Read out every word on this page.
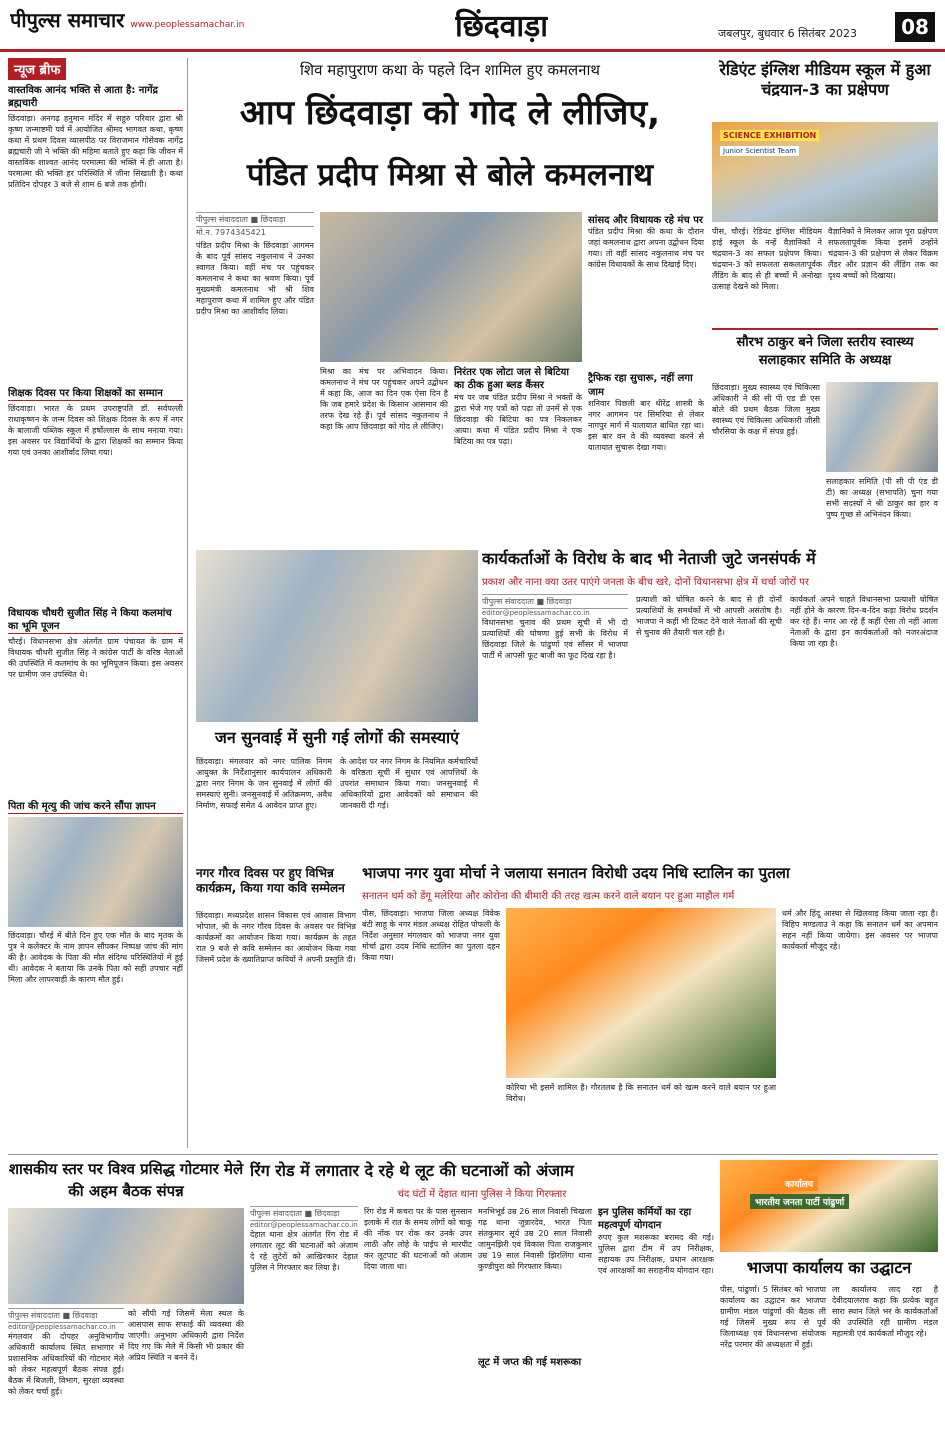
पीपुल्स समाचार www.peoplessamachar.in	छिंदवाड़ा	जबलपुर, बुधवार 6 सितंबर 2023	08
न्यूज ब्रीफ
वास्तविक आनंद भक्ति से आता है: नागेंद्र ब्रह्मचारी
छिंदवाड़ा। अनगढ़ हनुमान मंदिर में सहुरु परिवार द्वारा श्री कृष्ण जन्माष्टमी पर्व में आयोजित श्रीमद भागवत कथा, कृष्ण कथा में प्रथम दिवस व्यासपीठ पर विराजमान गोसेवक नागेंद्र ब्रह्मचारी जी ने भक्ति की महिमा बताते हुए कहा कि जीवन में वास्तविक शाश्वत आनंद परमात्मा की भक्ति में ही आता है। परमात्मा की भक्ति हर परिस्थिति में जीना सिखाती है। कथा प्रतिदिन दोपहर 3 बजे से शाम 6 बजे तक होगी।
शिक्षक दिवस पर किया शिक्षकों का सम्मान
छिंदवाड़ा। भारत के प्रथम उपराष्ट्रपति डॉ. सर्वपल्ली राधाकृष्णन के जन्म दिवस को शिक्षक दिवस के रूप में नगर के बालाजी पब्लिक स्कूल में हर्षोल्लास के साथ मनाया गया। इस अवसर पर विद्यार्थियों के द्वारा शिक्षकों का सम्मान किया गया एवं उनका आशीर्वाद लिया गया।
विधायक चौधरी सुजीत सिंह ने किया कलमांच का भूमि पूजन
चौरई। विधानसभा क्षेत्र अंतर्गत ग्राम पंचायत के ग्राम में विधायक चौधरी सुजीत सिंह ने कांग्रेस पार्टी के वरिष्ठ नेताओं की उपस्थिति में कलमांच के का भूमिपूजन किया। इस अवसर पर ग्रामीण जन उपस्थित थे।
पिता की मृत्यु की जांच करने सौंपा ज्ञापन
छिंदवाड़ा। चौरई में बीते दिन हुए एक मौत के बाद मृतक के पुत्र ने कलेक्टर के नाम ज्ञापन सौंपकर निष्पक्ष जांच की मांग की है। आवेदक के पिता की मौत संदिग्ध परिस्थितियों में हुई थी। आवेदक ने बताया कि उनके पिता को सही उपचार नहीं मिला और लापरवाही के कारण मौत हुई।
शिव महापुराण कथा के पहले दिन शामिल हुए कमलनाथ
आप छिंदवाड़ा को गोद ले लीजिए,
पंडित प्रदीप मिश्रा से बोले कमलनाथ
पीपुल्स संवाददाता ■ छिंदवाड़ा
मो.न. 7974345421
पंडित प्रदीप मिश्रा के छिंदवाड़ा आगमन के बाद पूर्व सांसद नकुलनाथ ने उनका स्वागत किया। वहीं मंच पर पहुंचकर कमलनाथ ने कथा का श्रवण किया। पूर्व मुख्यमंत्री कमलनाथ भी श्री शिव महापुराण कथा में शामिल हुए और पंडित प्रदीप मिश्रा का आशीर्वाद लिया।
मिश्रा का मंच पर अभिवादन किया। कमलनाथ ने मंच पर पहुंचकर अपने उद्बोधन में कहा कि, आज का दिन एक ऐसा दिन है कि जब हमारे प्रदेश के किसान आसमान की तरफ देख रहे हैं। पूर्व सांसद नकुलनाथ ने कहा कि आप छिंदवाड़ा को गोद ले लीजिए।
निरंतर एक लोटा जल से बिटिया का ठीक हुआ ब्लड कैंसर
मंच पर जब पंडित प्रदीप मिश्रा ने भक्तों के द्वारा भेजे गए पत्रों को पढ़ा तो उनमें से एक छिंदवाड़ा की बिटिया का पत्र निकलकर आया। कथा में पंडित प्रदीप मिश्रा ने एक बिटिया का पत्र पढ़ा।
सांसद और विधायक रहे मंच पर
पंडित प्रदीप मिश्रा की कथा के दौरान जहां कमलनाथ द्वारा अपना उद्बोधन दिया गया। तो वहीं सांसद नकुलनाथ मंच पर कांग्रेस विधायकों के साथ दिखाई दिए।
ट्रैफिक रहा सुचारू, नहीं लगा जाम
शनिवार पिछली बार धीरेंद्र शास्त्री के नगर आगमन पर सिमरिया से लेकर नागपुर मार्ग में यातायात बाधित रहा था। इस बार वन वे की व्यवस्था करने से यातायात सुचारू देखा गया।
रेडिएंट इंग्लिश मीडियम स्कूल में हुआ चंद्रयान-3 का प्रक्षेपण
SCIENCE EXHIBITION
Junior Scientist Team
पीस, चौरई। रेडियंट इंग्लिश मीडियम हाई स्कूल के नन्हें वैज्ञानिकों ने चंद्रयान-3 का सफल प्रक्षेपण किया। चंद्रयान-3 को सफलता सकलतापूर्वक लैंडिंग के बाद से ही बच्चों में अनोखा उत्साह देखने को मिला।
वैज्ञानिकों ने मिलकर आज पूरा प्रक्षेपण सफलतापूर्वक किया इसमें उन्होंने चंद्रयान-3 की प्रक्षेपण से लेकर विक्रम लैंडर और प्रज्ञान की लैंडिंग तक का दृश्य बच्चों को दिखाया।
सौरभ ठाकुर बने जिला स्तरीय स्वास्थ्य सलाहकार समिति के अध्यक्ष
छिंदवाड़ा। मुख्य स्वास्थ्य एवं चिकित्सा अधिकारी ने की सी पी एड डी एस बोले की प्रथम बैठक जिला मुख्य स्वास्थ्य एवं चिकित्सा अधिकारी जीसी चौरसिया के कक्ष में संपन्न हुई।
सलाहकार समिति (पी सी पी एंड डी टी) का अध्यक्ष (सभापति) चुना गया सभी सदस्यों ने श्री ठाकुर का हार व पुष्प गुच्छ से अभिनंदन किया।
जन सुनवाई में सुनी गई लोगों की समस्याएं
छिंदवाड़ा। मंगलवार को नगर पालिक निगम आयुक्त के निर्देशानुसार कार्यपालन अधिकारी द्वारा नगर निगम के जन सुनवाई में लोगों की समस्याएं सुनी। जनसुनवाई में अतिक्रमण, अवैध निर्माण, सफाई समेत 4 आवेदन प्राप्त हुए।
के आदेश पर नगर निगम के नियमित कर्मचारियों के वरिष्ठता सूची में सुधार एवं आपत्तियों के उपरांत समाधान किया गया। जनसुनवाई में अधिकारियों द्वारा आवेदकों को समाधान की जानकारी दी गई।
कार्यकर्ताओं के विरोध के बाद भी नेताजी जुटे जनसंपर्क में
प्रकाश और नाना क्या उतर पाएंगे जनता के बीच खरे, दोनों विधानसभा क्षेत्र में चर्चा जोरों पर
पीपुल्स संवाददाता ■ छिंदवाड़ा
editor@peoplessamachar.co.in
विधानसभा चुनाव की प्रथम सूची में भी दो प्रत्याशियों की घोषणा हुई सभी के विरोध में छिंदवाड़ा जिले के पांढुर्णा एवं सौंसर में भाजपा पार्टी में आपसी फूट बाजी का फूट दिख रहा है।
प्रत्याशी को घोषित करने के बाद से ही दोनों प्रत्याशियों के समर्थकों में भी आपसी असंतोष है। भाजपा ने कहीं भी टिकट देने वाले नेताओं की सूची से चुनाव की तैयारी चल रही है।
कार्यकर्ता अपने चाहते विधानसभा प्रत्याशी घोषित नहीं होने के कारण दिन-ब-दिन कड़ा विरोध प्रदर्शन कर रहे हैं। नगर आ रहे हैं कहीं ऐसा तो नहीं आला नेताओं के द्वारा इन कार्यकर्ताओं को नजरअंदाज किया जा रहा है।
नगर गौरव दिवस पर हुए विभिन्न कार्यक्रम, किया गया कवि सम्मेलन
छिंदवाड़ा। मध्यप्रदेश शासन विकास एवं आवास विभाग भोपाल, श्री के नगर गौरव दिवस के अवसर पर विभिन्न कार्यक्रमों का आयोजन किया गया। कार्यक्रम के तहत रात 9 बजे से कवि सम्मेलन का आयोजन किया गया जिसमें प्रदेश के ख्यातिप्राप्त कवियों ने अपनी प्रस्तुति दी।
भाजपा नगर युवा मोर्चा ने जलाया सनातन विरोधी उदय निधि स्टालिन का पुतला
सनातन धर्म को डेंगू मलेरिया और कोरोना की बीमारी की तरह खत्म करने वाले बयान पर हुआ माहौल गर्म
पीस, छिंदवाड़ा। भाजपा जिला अध्यक्ष विवेक बंटी साहू के नगर मंडल अध्यक्ष रोहित पोफली के निर्देश अनुसार मंगलवार को भाजपा नगर युवा मोर्चा द्वारा उदय निधि स्टालिन का पुतला दहन किया गया।
कोरिया भी इसमें शामिल है। गौरतलब है कि सनातन धर्म को खत्म करने वाले बयान पर हुआ विरोध।
धर्म और हिंदू आस्था से खिलवाड़ किया जाता रहा है। विहिप मण्डलाउ ने कहा कि सनातन धर्म का अपमान सहन नहीं किया जायेगा। इस अवसर पर भाजपा कार्यकर्ता मौजूद रहे।
शासकीय स्तर पर विश्व प्रसिद्ध गोटमार मेले की अहम बैठक संपन्न
पीपुल्स संवाददाता ■ छिंदवाड़ा
editor@peoplessamachar.co.in
मंगलवार की दोपहर अनुविभागीय अधिकारी कार्यालय स्थित सभागार में प्रशासनिक अधिकारियों की गोटमार मेले को लेकर महत्वपूर्ण बैठक संपन्न हुई। बैठक में बिजली, विभाग, सुरक्षा व्यवस्था को लेकर चर्चा हुई।
को सौंपी गई जिसमें मेला स्थल के आसपास साफ सफाई की व्यवस्था की जाएगी। अनुभाग अधिकारी द्वारा निर्देश दिए गए कि मेले में किसी भी प्रकार की अप्रिय स्थिति न बनने दें।
रिंग रोड में लगातार दे रहे थे लूट की घटनाओं को अंजाम
चंद घंटों में देहात थाना पुलिस ने किया गिरफ्तार
पीपुल्स संवाददाता ■ छिंदवाड़ा
editor@peoplessamachar.co.in
देहात थाना क्षेत्र अंतर्गत रिंग रोड में लगातार लूट की घटनाओं को अंजाम दे रहे लुटेरों को आखिरकार देहात पुलिस ने गिरफ्तार कर लिया है।
रिंग रोड में कचरा पर के पास सुनसान इलाके में रात के समय लोगों को चाकू की नोंक पर रोक कर उनके उपर लाठी और लोहे के पाईप से मारपीट कर लूटपाट की घटनाओं को अंजाम दिया जाता था।
मनभिभूर्ड उम्र 26 साल निवासी चिखला गढ़ थाना जुन्नारदेव, भारत पिता संतकुमार सूर्य उम्र 20 साल निवासी जामुनझिरी एवं विकास पिता राजकुमार उम्र 19 साल निवासी झिरलिंगा थाना कुण्डीपुरा को गिरफ्तार किया।
लूट में जप्त की गई मशरूका
इन पुलिस कर्मियों का रहा महत्वपूर्ण योगदान
रुपए कुल मशरूका बरामद की गई। पुलिस द्वारा टीम में उप निरीक्षक, सहायक उप निरीक्षक, प्रधान आरक्षक एवं आरक्षकों का सराहनीय योगदान रहा।
कार्यालय
भारतीय जनता पार्टी पांढुर्णा
भाजपा कार्यालय का उद्घाटन
पीस, पांढुर्णा। 5 सितंबर को भाजपा कार्यालय का उद्घाटन कर भाजपा ग्रामीण मंडल पांढुर्णा की बैठक ली गई जिसमें मुख्य रूप से पूर्व जिलाध्यक्ष एवं विधानसभा संयोजक नरेंद्र परमार की अध्यक्षता में हुई।
ला कार्यालय लाद रहा है देवीदयालराव कहा कि प्रत्येक बहुत सारा स्थान जिले भर के कार्यकर्ताओं की उपस्थिति रही ग्रामीण मंडल महामंत्री एवं कार्यकर्ता मौजूद रहे।
